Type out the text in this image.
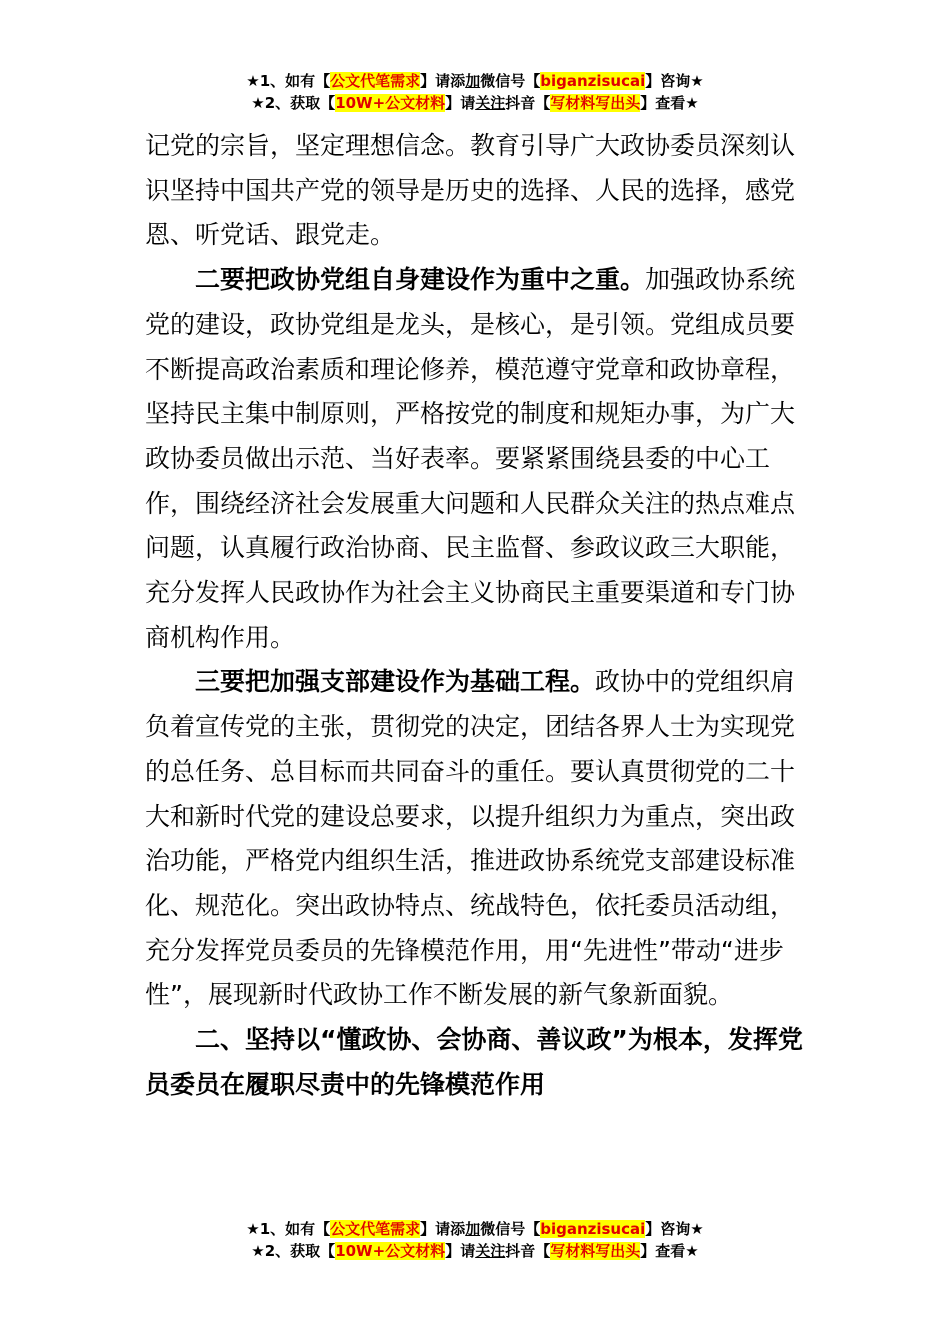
★1、如有【公文代笔需求】请添加微信号【biganzisucai】咨询★
★2、获取【10W+公文材料】请关注抖音【写材料写出头】查看★

记党的宗旨，坚定理想信念。教育引导广大政协委员深刻认识坚持中国共产党的领导是历史的选择、人民的选择，感党恩、听党话、跟党走。

二要把政协党组自身建设作为重中之重。加强政协系统党的建设，政协党组是龙头，是核心，是引领。党组成员要不断提高政治素质和理论修养，模范遵守党章和政协章程，坚持民主集中制原则，严格按党的制度和规矩办事，为广大政协委员做出示范、当好表率。要紧紧围绕县委的中心工作，围绕经济社会发展重大问题和人民群众关注的热点难点问题，认真履行政治协商、民主监督、参政议政三大职能，充分发挥人民政协作为社会主义协商民主重要渠道和专门协商机构作用。

三要把加强支部建设作为基础工程。政协中的党组织肩负着宣传党的主张，贯彻党的决定，团结各界人士为实现党的总任务、总目标而共同奋斗的重任。要认真贯彻党的二十大和新时代党的建设总要求，以提升组织力为重点，突出政治功能，严格党内组织生活，推进政协系统党支部建设标准化、规范化。突出政协特点、统战特色，依托委员活动组，充分发挥党员委员的先锋模范作用，用“先进性”带动“进步性”，展现新时代政协工作不断发展的新气象新面貌。

二、坚持以“懂政协、会协商、善议政”为根本，发挥党员委员在履职尽责中的先锋模范作用

★1、如有【公文代笔需求】请添加微信号【biganzisucai】咨询★
★2、获取【10W+公文材料】请关注抖音【写材料写出头】查看★
